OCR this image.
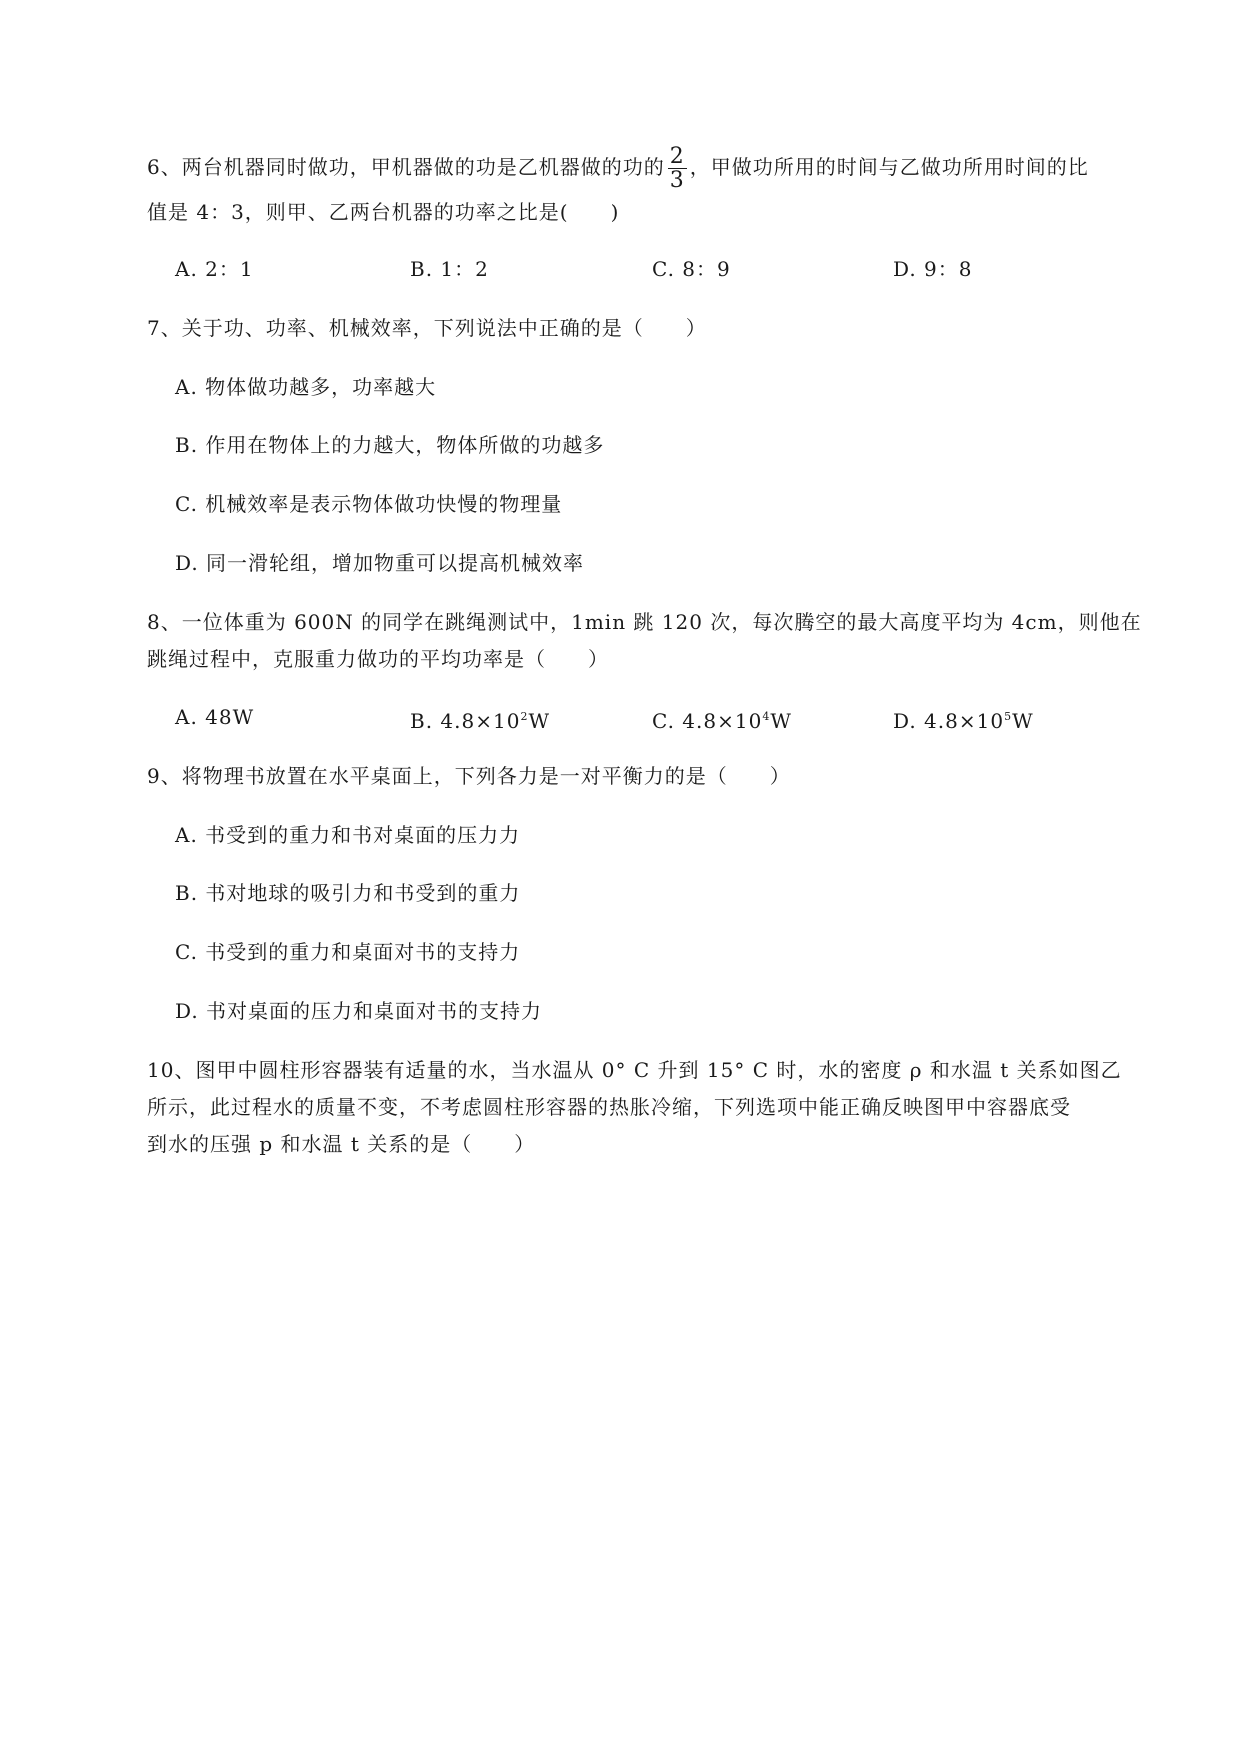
6、两台机器同时做功，甲机器做的功是乙机器做的功的 $\frac{2}{3}$ ，甲做功所用的时间与乙做功所用时间的比
值是 4：3，则甲、乙两台机器的功率之比是(　　)
A. 2：1	B. 1：2	C. 8：9	D. 9：8
7、关于功、功率、机械效率，下列说法中正确的是（　　）
A. 物体做功越多，功率越大
B. 作用在物体上的力越大，物体所做的功越多
C. 机械效率是表示物体做功快慢的物理量
D. 同一滑轮组，增加物重可以提高机械效率
8、一位体重为 600N 的同学在跳绳测试中，1min 跳 120 次，每次腾空的最大高度平均为 4cm，则他在
跳绳过程中，克服重力做功的平均功率是（　　）
A. 48W	B. $4.8\times 10^2W$	C. $4.8\times 10^4W$	D. $4.8\times 10^5W$
9、将物理书放置在水平桌面上，下列各力是一对平衡力的是（　　）
A. 书受到的重力和书对桌面的压力力
B. 书对地球的吸引力和书受到的重力
C. 书受到的重力和桌面对书的支持力
D. 书对桌面的压力和桌面对书的支持力
10、图甲中圆柱形容器装有适量的水，当水温从 0° C 升到 15° C 时，水的密度 ρ 和水温 t 关系如图乙
所示，此过程水的质量不变，不考虑圆柱形容器的热胀冷缩，下列选项中能正确反映图甲中容器底受
到水的压强 p 和水温 t 关系的是（　　）
